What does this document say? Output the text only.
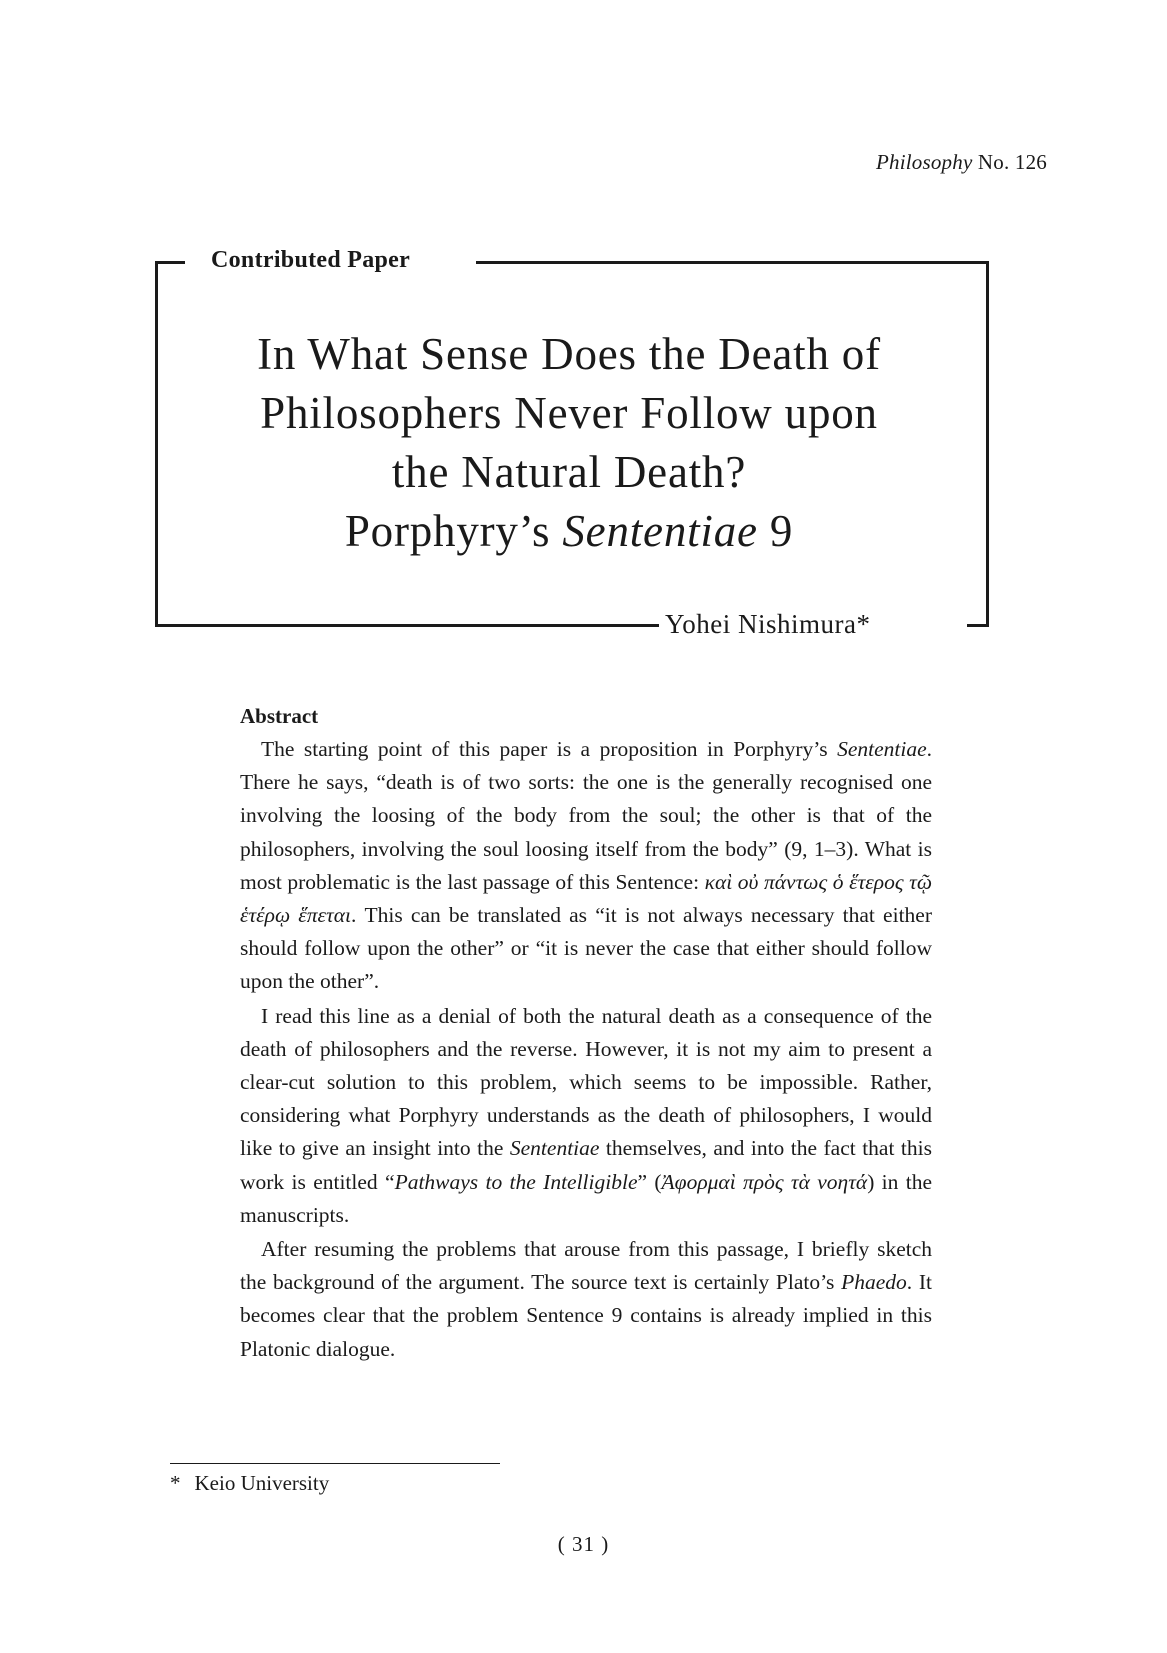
Philosophy No. 126
Contributed Paper
In What Sense Does the Death of
Philosophers Never Follow upon
the Natural Death?
Porphyry’s Sententiae 9
Yohei Nishimura*
Abstract

The starting point of this paper is a proposition in Porphyry’s Sententiae. There he says, “death is of two sorts: the one is the generally recognised one involving the loosing of the body from the soul; the other is that of the philosophers, involving the soul loosing itself from the body” (9, 1–3). What is most problematic is the last passage of this Sentence: καὶ οὐ πάντως ὁ ἕτερος τῷ ἑτέρῳ ἕπεται. This can be translated as “it is not always necessary that either should follow upon the other” or “it is never the case that either should follow upon the other”.

I read this line as a denial of both the natural death as a consequence of the death of philosophers and the reverse. However, it is not my aim to present a clear-cut solution to this problem, which seems to be impossible. Rather, considering what Porphyry understands as the death of philosophers, I would like to give an insight into the Sententiae themselves, and into the fact that this work is entitled “Pathways to the Intelligible” (Ἀφορμαὶ πρὸς τὰ νοητά) in the manuscripts.

After resuming the problems that arouse from this passage, I briefly sketch the background of the argument. The source text is certainly Plato’s Phaedo. It becomes clear that the problem Sentence 9 contains is already implied in this Platonic dialogue.

* Keio University
( 31 )
